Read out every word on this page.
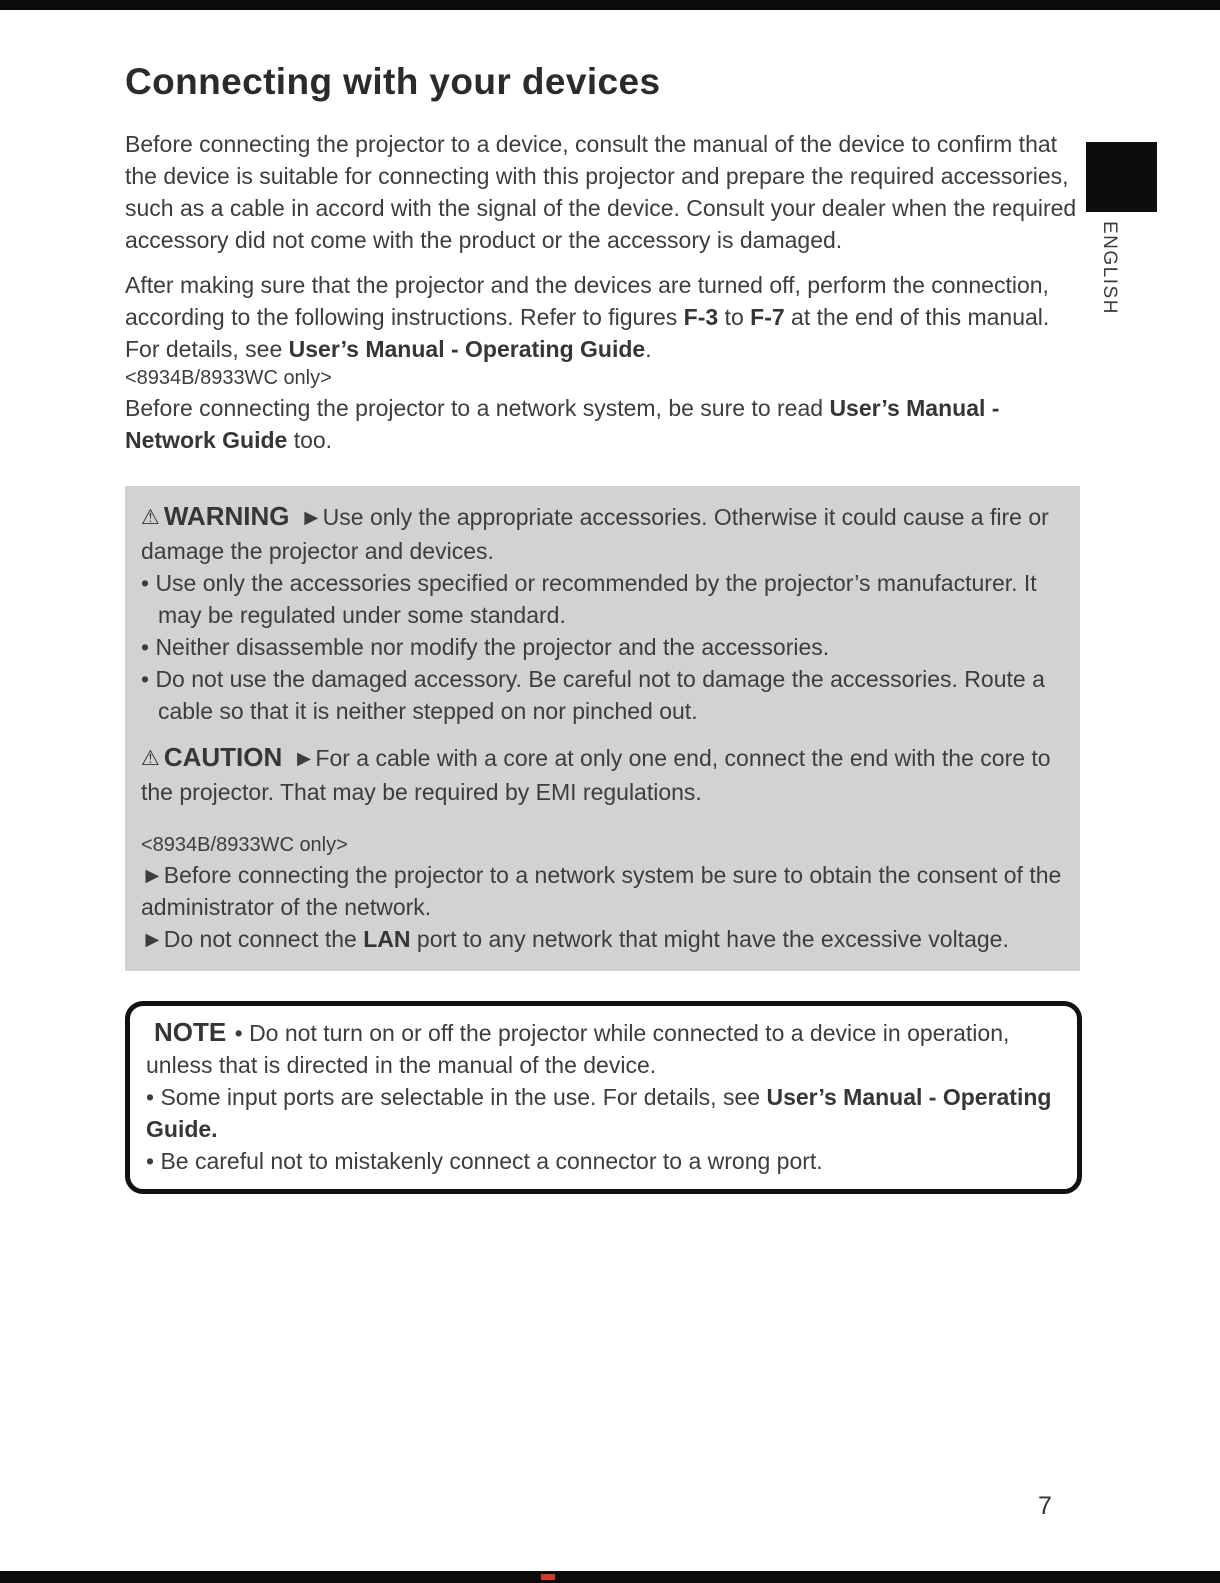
ENGLISH
Connecting with your devices

Before connecting the projector to a device, consult the manual of the device to confirm that the device is suitable for connecting with this projector and prepare the required accessories, such as a cable in accord with the signal of the device. Consult your dealer when the required accessory did not come with the product or the accessory is damaged.

After making sure that the projector and the devices are turned off, perform the connection, according to the following instructions. Refer to figures F-3 to F-7 at the end of this manual. For details, see User’s Manual - Operating Guide.

<8934B/8933WC only>

Before connecting the projector to a network system, be sure to read User’s Manual - Network Guide too.

⚠ WARNING ►Use only the appropriate accessories. Otherwise it could cause a fire or damage the projector and devices.

• Use only the accessories specified or recommended by the projector’s manufacturer. It may be regulated under some standard.

• Neither disassemble nor modify the projector and the accessories.

• Do not use the damaged accessory. Be careful not to damage the accessories. Route a cable so that it is neither stepped on nor pinched out.

⚠ CAUTION ►For a cable with a core at only one end, connect the end with the core to the projector. That may be required by EMI regulations.

<8934B/8933WC only>

►Before connecting the projector to a network system be sure to obtain the consent of the administrator of the network.

►Do not connect the LAN port to any network that might have the excessive voltage.

NOTE • Do not turn on or off the projector while connected to a device in operation, unless that is directed in the manual of the device.

• Some input ports are selectable in the use. For details, see User’s Manual - Operating Guide.

• Be careful not to mistakenly connect a connector to a wrong port.

7
